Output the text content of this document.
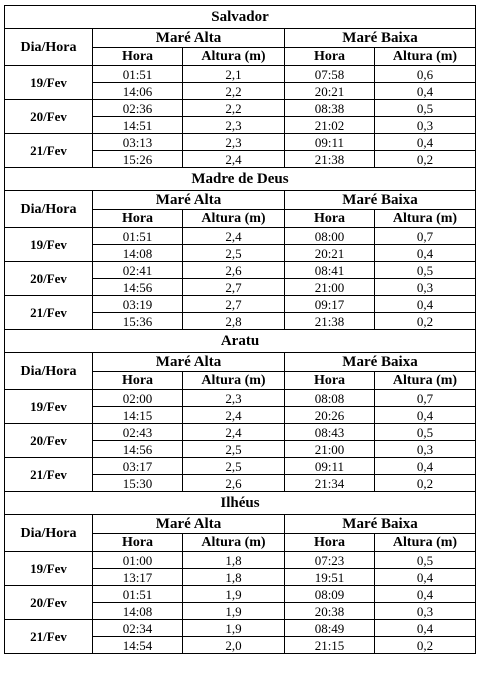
Salvador				
Dia/Hora	Maré Alta		Maré Baixa	
	Hora	Altura (m)	Hora	Altura (m)
19/Fev	01:51	2,1	07:58	0,6
	14:06	2,2	20:21	0,4
20/Fev	02:36	2,2	08:38	0,5
	14:51	2,3	21:02	0,3
21/Fev	03:13	2,3	09:11	0,4
	15:26	2,4	21:38	0,2
Madre de Deus				
Dia/Hora	Maré Alta		Maré Baixa	
	Hora	Altura (m)	Hora	Altura (m)
19/Fev	01:51	2,4	08:00	0,7
	14:08	2,5	20:21	0,4
20/Fev	02:41	2,6	08:41	0,5
	14:56	2,7	21:00	0,3
21/Fev	03:19	2,7	09:17	0,4
	15:36	2,8	21:38	0,2
Aratu				
Dia/Hora	Maré Alta		Maré Baixa	
	Hora	Altura (m)	Hora	Altura (m)
19/Fev	02:00	2,3	08:08	0,7
	14:15	2,4	20:26	0,4
20/Fev	02:43	2,4	08:43	0,5
	14:56	2,5	21:00	0,3
21/Fev	03:17	2,5	09:11	0,4
	15:30	2,6	21:34	0,2
Ilhéus				
Dia/Hora	Maré Alta		Maré Baixa	
	Hora	Altura (m)	Hora	Altura (m)
19/Fev	01:00	1,8	07:23	0,5
	13:17	1,8	19:51	0,4
20/Fev	01:51	1,9	08:09	0,4
	14:08	1,9	20:38	0,3
21/Fev	02:34	1,9	08:49	0,4
	14:54	2,0	21:15	0,2
